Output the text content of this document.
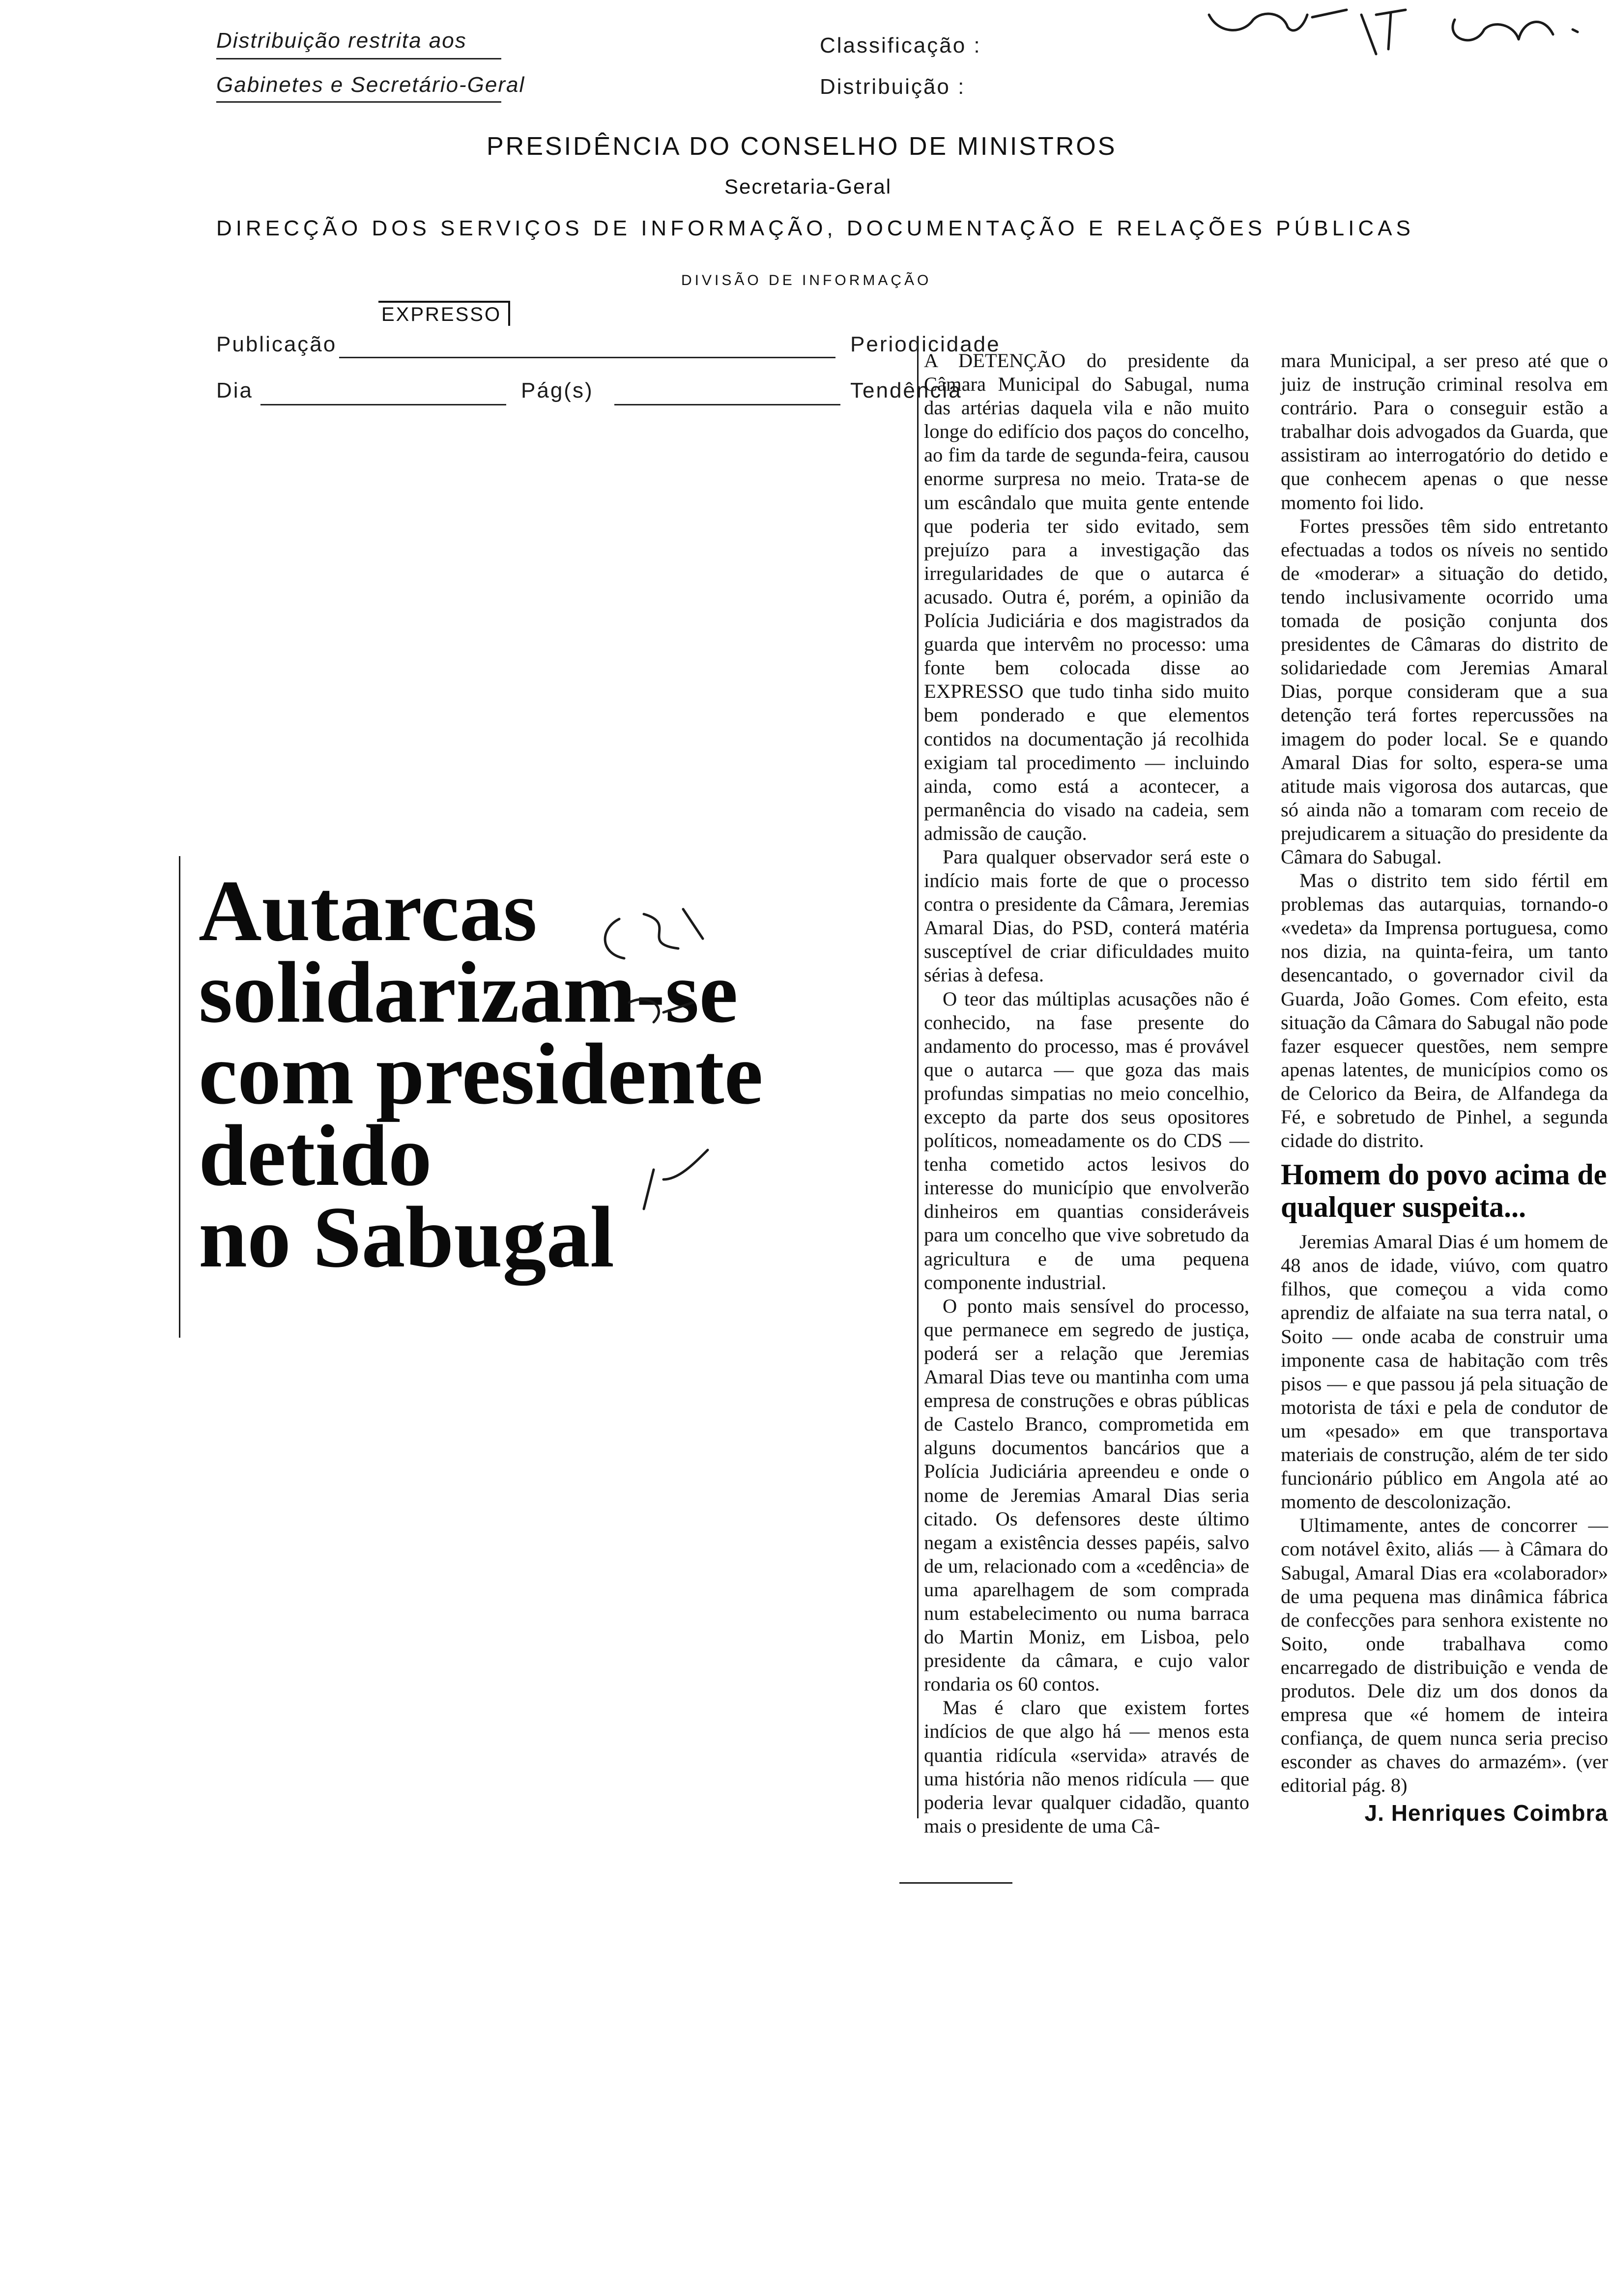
Distribuição restrita aos
Gabinetes e Secretário-Geral
Classificação :
Distribuição :
PRESIDÊNCIA DO CONSELHO DE MINISTROS
Secretaria-Geral
DIRECÇÃO DOS SERVIÇOS DE INFORMAÇÃO, DOCUMENTAÇÃO E RELAÇÕES PÚBLICAS
DIVISÃO DE INFORMAÇÃO
Publicação
EXPRESSO
Periodicidade
Dia	Pág(s)	Tendência
Autarcas
solidarizam-se
com presidente
detido
no Sabugal

A DETENÇÃO do presidente da Câmara Municipal do Sabugal, numa das artérias daquela vila e não muito longe do edifício dos paços do concelho, ao fim da tarde de segunda-feira, causou enorme surpresa no meio. Trata-se de um escândalo que muita gente entende que poderia ter sido evitado, sem prejuízo para a investigação das irregularidades de que o autarca é acusado. Outra é, porém, a opinião da Polícia Judiciária e dos magistrados da guarda que intervêm no processo: uma fonte bem colocada disse ao EXPRESSO que tudo tinha sido muito bem ponderado e que elementos contidos na documentação já recolhida exigiam tal procedimento — incluindo ainda, como está a acontecer, a permanência do visado na cadeia, sem admissão de caução.

Para qualquer observador será este o indício mais forte de que o processo contra o presidente da Câmara, Jeremias Amaral Dias, do PSD, conterá matéria susceptível de criar dificuldades muito sérias à defesa.

O teor das múltiplas acusações não é conhecido, na fase presente do andamento do processo, mas é provável que o autarca — que goza das mais profundas simpatias no meio concelhio, excepto da parte dos seus opositores políticos, nomeadamente os do CDS — tenha cometido actos lesivos do interesse do município que envolverão dinheiros em quantias consideráveis para um concelho que vive sobretudo da agricultura e de uma pequena componente industrial.

O ponto mais sensível do processo, que permanece em segredo de justiça, poderá ser a relação que Jeremias Amaral Dias teve ou mantinha com uma empresa de construções e obras públicas de Castelo Branco, comprometida em alguns documentos bancários que a Polícia Judiciária apreendeu e onde o nome de Jeremias Amaral Dias seria citado. Os defensores deste último negam a existência desses papéis, salvo de um, relacionado com a «cedência» de uma aparelhagem de som comprada num estabelecimento ou numa barraca do Martin Moniz, em Lisboa, pelo presidente da câmara, e cujo valor rondaria os 60 contos.

Mas é claro que existem fortes indícios de que algo há — menos esta quantia ridícula «servida» através de uma história não menos ridícula — que poderia levar qualquer cidadão, quanto mais o presidente de uma Câ-

mara Municipal, a ser preso até que o juiz de instrução criminal resolva em contrário. Para o conseguir estão a trabalhar dois advogados da Guarda, que assistiram ao interrogatório do detido e que conhecem apenas o que nesse momento foi lido.

Fortes pressões têm sido entretanto efectuadas a todos os níveis no sentido de «moderar» a situação do detido, tendo inclusivamente ocorrido uma tomada de posição conjunta dos presidentes de Câmaras do distrito de solidariedade com Jeremias Amaral Dias, porque consideram que a sua detenção terá fortes repercussões na imagem do poder local. Se e quando Amaral Dias for solto, espera-se uma atitude mais vigorosa dos autarcas, que só ainda não a tomaram com receio de prejudicarem a situação do presidente da Câmara do Sabugal.

Mas o distrito tem sido fértil em problemas das autarquias, tornando-o «vedeta» da Imprensa portuguesa, como nos dizia, na quinta-feira, um tanto desencantado, o governador civil da Guarda, João Gomes. Com efeito, esta situação da Câmara do Sabugal não pode fazer esquecer questões, nem sempre apenas latentes, de municípios como os de Celorico da Beira, de Alfandega da Fé, e sobretudo de Pinhel, a segunda cidade do distrito.

Homem do povo acima de qualquer suspeita...

Jeremias Amaral Dias é um homem de 48 anos de idade, viúvo, com quatro filhos, que começou a vida como aprendiz de alfaiate na sua terra natal, o Soito — onde acaba de construir uma imponente casa de habitação com três pisos — e que passou já pela situação de motorista de táxi e pela de condutor de um «pesado» em que transportava materiais de construção, além de ter sido funcionário público em Angola até ao momento de descolonização.

Ultimamente, antes de concorrer — com notável êxito, aliás — à Câmara do Sabugal, Amaral Dias era «colaborador» de uma pequena mas dinâmica fábrica de confecções para senhora existente no Soito, onde trabalhava como encarregado de distribuição e venda de produtos. Dele diz um dos donos da empresa que «é homem de inteira confiança, de quem nunca seria preciso esconder as chaves do armazém». (ver editorial pág. 8)

J. Henriques Coimbra
